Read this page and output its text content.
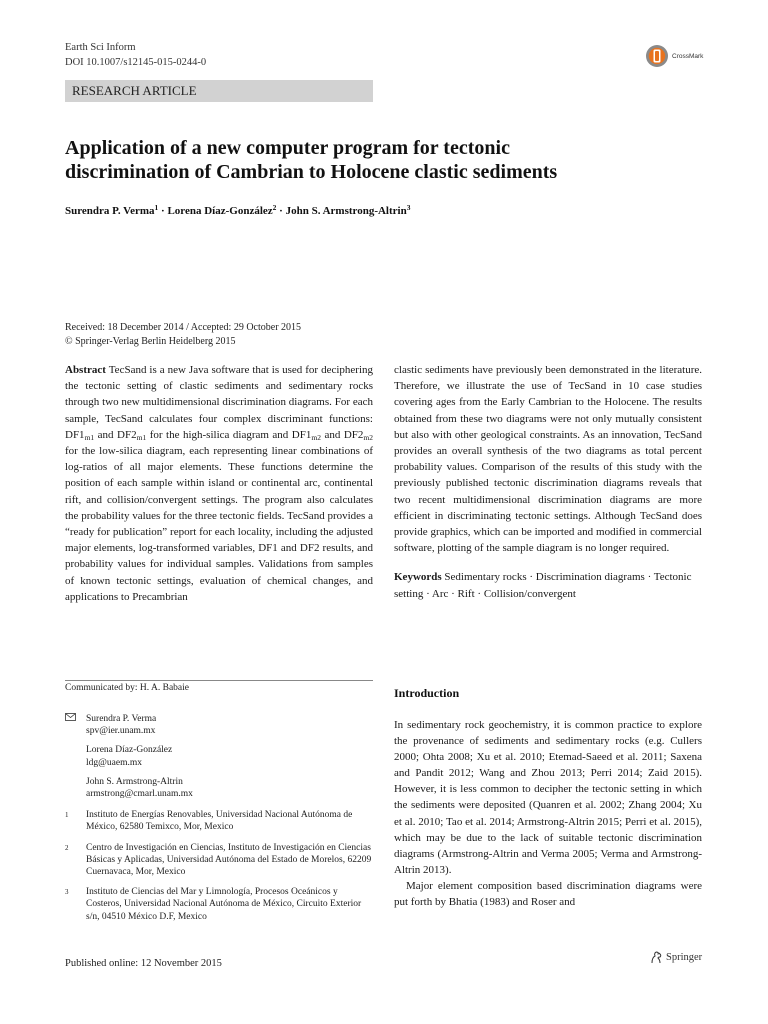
Earth Sci Inform
DOI 10.1007/s12145-015-0244-0
CrossMark
RESEARCH ARTICLE
Application of a new computer program for tectonic
discrimination of Cambrian to Holocene clastic sediments
Surendra P. Verma$^1$ · Lorena Díaz-González$^2$ · John S. Armstrong-Altrin$^3$
Received: 18 December 2014 / Accepted: 29 October 2015
© Springer-Verlag Berlin Heidelberg 2015

Abstract TecSand is a new Java software that is used for deciphering the tectonic setting of clastic sediments and sedimentary rocks through two new multidimensional discrimination diagrams. For each sample, TecSand calculates four complex discriminant functions: $DF1_{m1}$ and $DF2_{m1}$ for the high-silica diagram and $DF1_{m2}$ and $DF2_{m2}$ for the low-silica diagram, each representing linear combinations of log-ratios of all major elements. These functions determine the position of each sample within island or continental arc, continental rift, and collision/convergent settings. The program also calculates the probability values for the three tectonic fields. TecSand provides a “ready for publication” report for each locality, including the adjusted major elements, log-transformed variables, DF1 and DF2 results, and probability values for individual samples. Validations from samples of known tectonic settings, evaluation of chemical changes, and applications to Precambrian

clastic sediments have previously been demonstrated in the literature. Therefore, we illustrate the use of TecSand in 10 case studies covering ages from the Early Cambrian to the Holocene. The results obtained from these two diagrams were not only mutually consistent but also with other geological constraints. As an innovation, TecSand provides an overall synthesis of the two diagrams as total percent probability values. Comparison of the results of this study with the previously published tectonic discrimination diagrams reveals that two recent multidimensional discrimination diagrams are more efficient in discriminating tectonic settings. Although TecSand does provide graphics, which can be imported and modified in commercial software, plotting of the sample diagram is no longer required.

Keywords Sedimentary rocks · Discrimination diagrams · Tectonic setting · Arc · Rift · Collision/convergent

Communicated by: H. A. Babaie
Surendra P. Verma
spv@ier.unam.mx
Lorena Díaz-González
ldg@uaem.mx
John S. Armstrong-Altrin
armstrong@cmarl.unam.mx
1	Instituto de Energías Renovables, Universidad Nacional Autónoma de México, 62580 Temixco, Mor, Mexico
2	Centro de Investigación en Ciencias, Instituto de Investigación en Ciencias Básicas y Aplicadas, Universidad Autónoma del Estado de Morelos, 62209 Cuernavaca, Mor, Mexico
3	Instituto de Ciencias del Mar y Limnología, Procesos Oceánicos y Costeros, Universidad Nacional Autónoma de México, Circuito Exterior s/n, 04510 México D.F, Mexico
Introduction

In sedimentary rock geochemistry, it is common practice to explore the provenance of sediments and sedimentary rocks (e.g. Cullers 2000; Ohta 2008; Xu et al. 2010; Etemad-Saeed et al. 2011; Saxena and Pandit 2012; Wang and Zhou 2013; Perri 2014; Zaid 2015). However, it is less common to decipher the tectonic setting in which the sediments were deposited (Quanren et al. 2002; Zhang 2004; Xu et al. 2010; Tao et al. 2014; Armstrong-Altrin 2015; Perri et al. 2015), which may be due to the lack of suitable tectonic discrimination diagrams (Armstrong-Altrin and Verma 2005; Verma and Armstrong-Altrin 2013).

Major element composition based discrimination diagrams were put forth by Bhatia (1983) and Roser and

Published online: 12 November 2015
Springer
